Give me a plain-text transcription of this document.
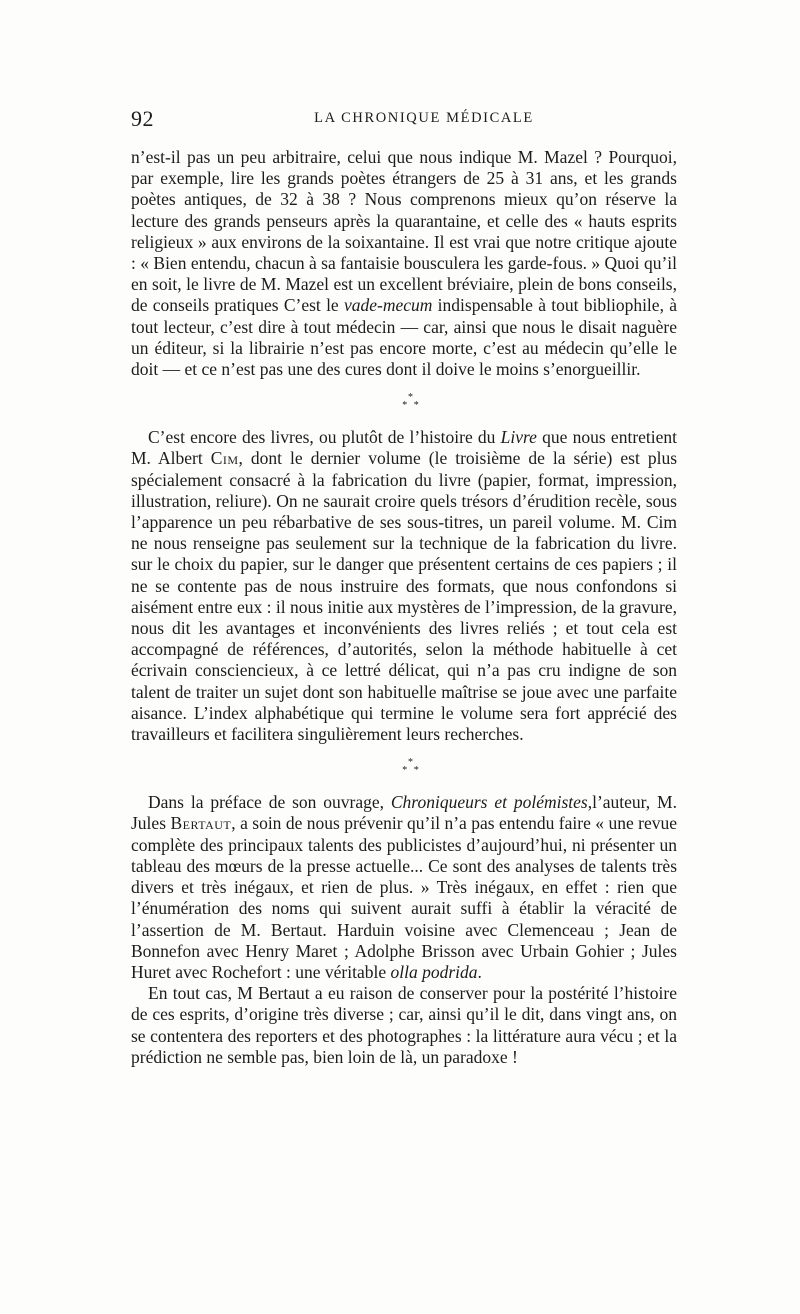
92	LA CHRONIQUE MÉDICALE

n’est-il pas un peu arbitraire, celui que nous indique M. Mazel ? Pourquoi, par exemple, lire les grands poètes étrangers de 25 à 31 ans, et les grands poètes antiques, de 32 à 38 ? Nous comprenons mieux qu’on réserve la lecture des grands penseurs après la quarantaine, et celle des « hauts esprits religieux » aux environs de la soixantaine. Il est vrai que notre critique ajoute : « Bien entendu, chacun à sa fantaisie bousculera les garde-fous. » Quoi qu’il en soit, le livre de M. Mazel est un excellent bréviaire, plein de bons conseils, de conseils pratiques C’est le vade-mecum indispensable à tout bibliophile, à tout lecteur, c’est dire à tout médecin — car, ainsi que nous le disait naguère un éditeur, si la librairie n’est pas encore morte, c’est au médecin qu’elle le doit — et ce n’est pas une des cures dont il doive le moins s’enorgueillir.

*
* *

C’est encore des livres, ou plutôt de l’histoire du Livre que nous entretient M. Albert Cim, dont le dernier volume (le troisième de la série) est plus spécialement consacré à la fabrication du livre (papier, format, impression, illustration, reliure). On ne saurait croire quels trésors d’érudition recèle, sous l’apparence un peu rébarbative de ses sous-titres, un pareil volume. M. Cim ne nous renseigne pas seulement sur la technique de la fabrication du livre. sur le choix du papier, sur le danger que présentent certains de ces papiers ; il ne se contente pas de nous instruire des formats, que nous confondons si aisément entre eux : il nous initie aux mystères de l’impression, de la gravure, nous dit les avantages et inconvénients des livres reliés ; et tout cela est accompagné de références, d’autorités, selon la méthode habituelle à cet écrivain consciencieux, à ce lettré délicat, qui n’a pas cru indigne de son talent de traiter un sujet dont son habituelle maîtrise se joue avec une parfaite aisance. L’index alphabétique qui termine le volume sera fort apprécié des travailleurs et facilitera singulièrement leurs recherches.

*
* *

Dans la préface de son ouvrage, Chroniqueurs et polémistes,l’auteur, M. Jules Bertaut, a soin de nous prévenir qu’il n’a pas entendu faire « une revue complète des principaux talents des publicistes d’aujourd’hui, ni présenter un tableau des mœurs de la presse actuelle... Ce sont des analyses de talents très divers et très inégaux, et rien de plus. » Très inégaux, en effet : rien que l’énumération des noms qui suivent aurait suffi à établir la véracité de l’assertion de M. Bertaut. Harduin voisine avec Clemenceau ; Jean de Bonnefon avec Henry Maret ; Adolphe Brisson avec Urbain Gohier ; Jules Huret avec Rochefort : une véritable olla podrida.

En tout cas, M Bertaut a eu raison de conserver pour la postérité l’histoire de ces esprits, d’origine très diverse ; car, ainsi qu’il le dit, dans vingt ans, on se contentera des reporters et des photographes : la littérature aura vécu ; et la prédiction ne semble pas, bien loin de là, un paradoxe !
